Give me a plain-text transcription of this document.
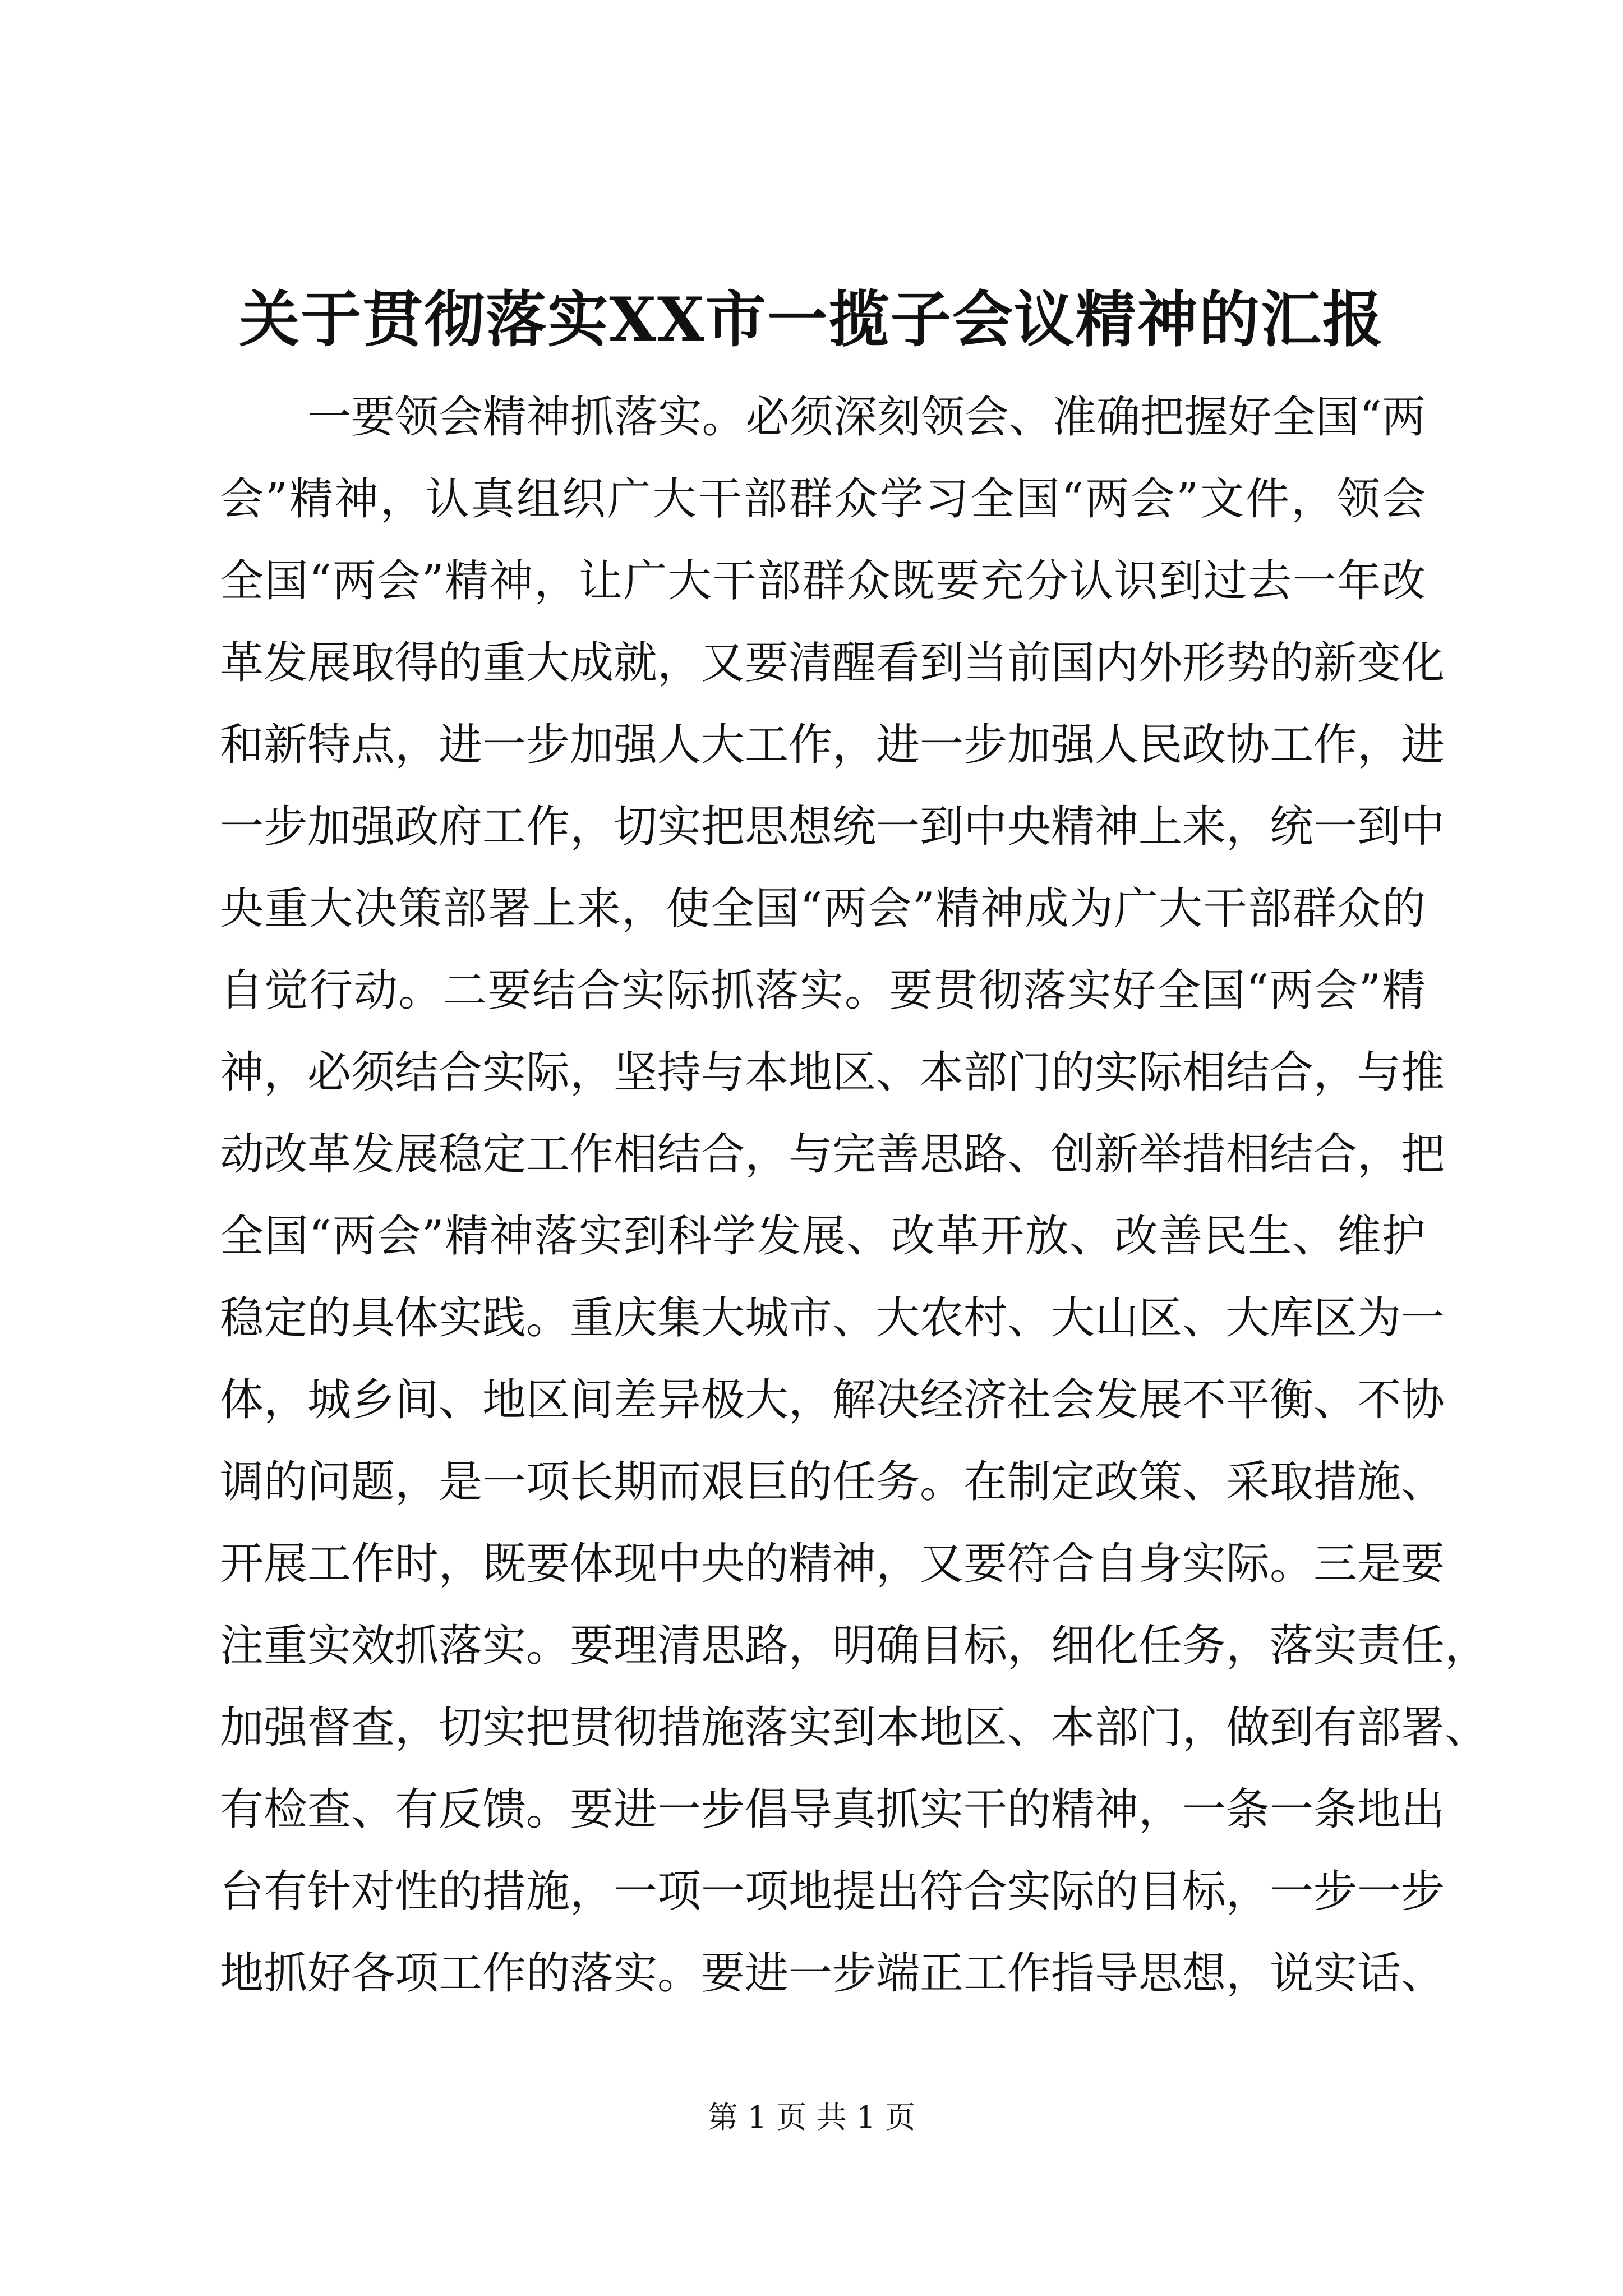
关于贯彻落实XX市一揽子会议精神的汇报
一要领会精神抓落实。必须深刻领会、准确把握好全国“两
会”精神，认真组织广大干部群众学习全国“两会”文件，领会
全国“两会”精神，让广大干部群众既要充分认识到过去一年改
革发展取得的重大成就，又要清醒看到当前国内外形势的新变化
和新特点，进一步加强人大工作，进一步加强人民政协工作，进
一步加强政府工作，切实把思想统一到中央精神上来，统一到中
央重大决策部署上来，使全国“两会”精神成为广大干部群众的
自觉行动。二要结合实际抓落实。要贯彻落实好全国“两会”精
神，必须结合实际，坚持与本地区、本部门的实际相结合，与推
动改革发展稳定工作相结合，与完善思路、创新举措相结合，把
全国“两会”精神落实到科学发展、改革开放、改善民生、维护
稳定的具体实践。重庆集大城市、大农村、大山区、大库区为一
体，城乡间、地区间差异极大，解决经济社会发展不平衡、不协
调的问题，是一项长期而艰巨的任务。在制定政策、采取措施、
开展工作时，既要体现中央的精神，又要符合自身实际。三是要
注重实效抓落实。要理清思路，明确目标，细化任务，落实责任，
加强督查，切实把贯彻措施落实到本地区、本部门，做到有部署、
有检查、有反馈。要进一步倡导真抓实干的精神，一条一条地出
台有针对性的措施，一项一项地提出符合实际的目标，一步一步
地抓好各项工作的落实。要进一步端正工作指导思想，说实话、
第 1 页 共 1 页
